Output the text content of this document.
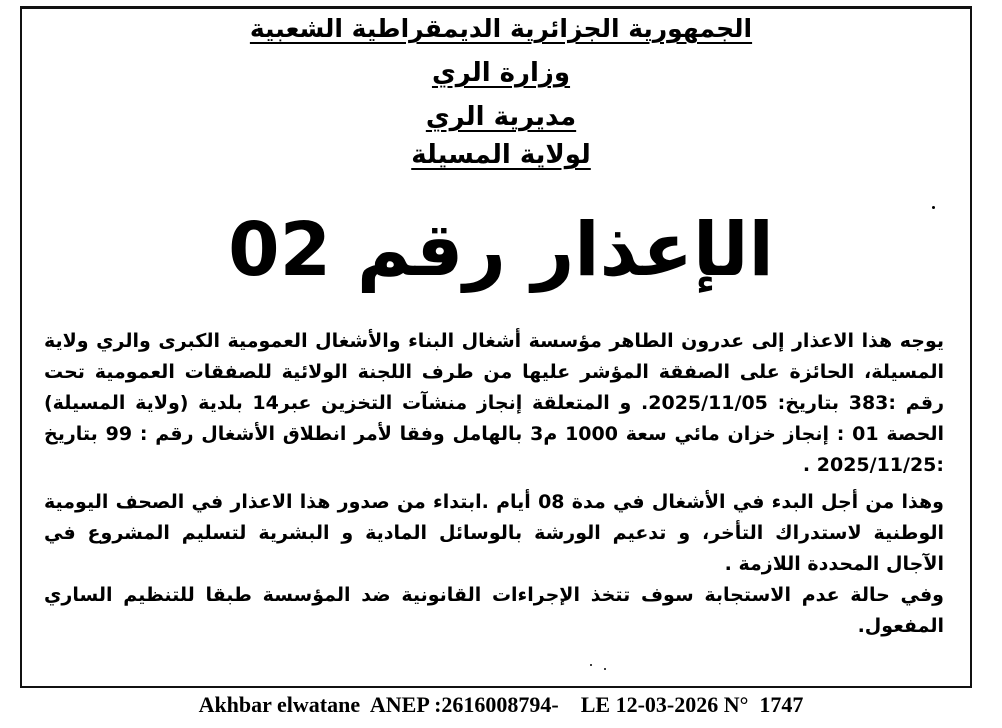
الجمهورية الجزائرية الديمقراطية الشعبية
وزارة الري
مديرية الري
لولاية المسيلة
الإعذار رقم 02

يوجه هذا الاعذار إلى عدرون الطاهر مؤسسة أشغال البناء والأشغال العمومية الكبرى والري ولاية المسيلة، الحائزة على الصفقة المؤشر عليها من طرف اللجنة الولائية للصفقات العمومية تحت رقم :383 بتاريخ: 2025/11/05. و المتعلقة إنجاز منشآت التخزين عبر14 بلدية (ولاية المسيلة) الحصة 01 : إنجاز خزان مائي سعة 1000 م3 بالهامل وفقا لأمر انطلاق الأشغال رقم : 99 بتاريخ :2025/11/25 .

وهذا من أجل البدء في الأشغال في مدة 08 أيام .ابتداء من صدور هذا الاعذار في الصحف اليومية الوطنية لاستدراك التأخر، و تدعيم الورشة بالوسائل المادية و البشرية لتسليم المشروع في الآجال المحددة اللازمة .

وفي حالة عدم الاستجابة سوف تتخذ الإجراءات القانونية ضد المؤسسة طبقا للتنظيم الساري المفعول.

Akhbar elwatane  ANEP :2616008794-    LE 12-03-2026 N°  1747
